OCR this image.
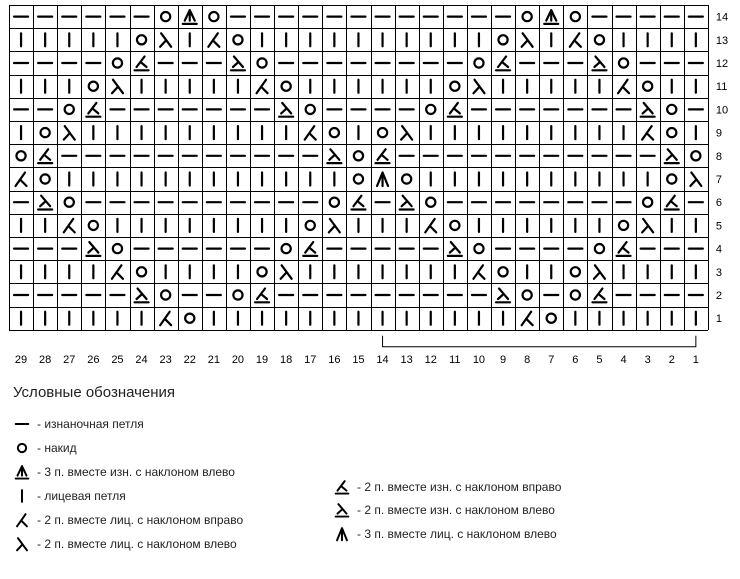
14
13
12
11
10
9
8
7
6
5
4
3
2
1
29 28 27 26 25 24 23 22 21 20 19 18 17 16 15 14 13 12 11 10 9 8 7 6 5 4 3 2 1
Условные обозначения
- изнаночная петля
- накид
- 3 п. вместе изн. с наклоном влево
- лицевая петля
- 2 п. вместе лиц. с наклоном вправо
- 2 п. вместе лиц. с наклоном влево
- 2 п. вместе изн. с наклоном вправо
- 2 п. вместе изн. с наклоном влево
- 3 п. вместе лиц. с наклоном влево
